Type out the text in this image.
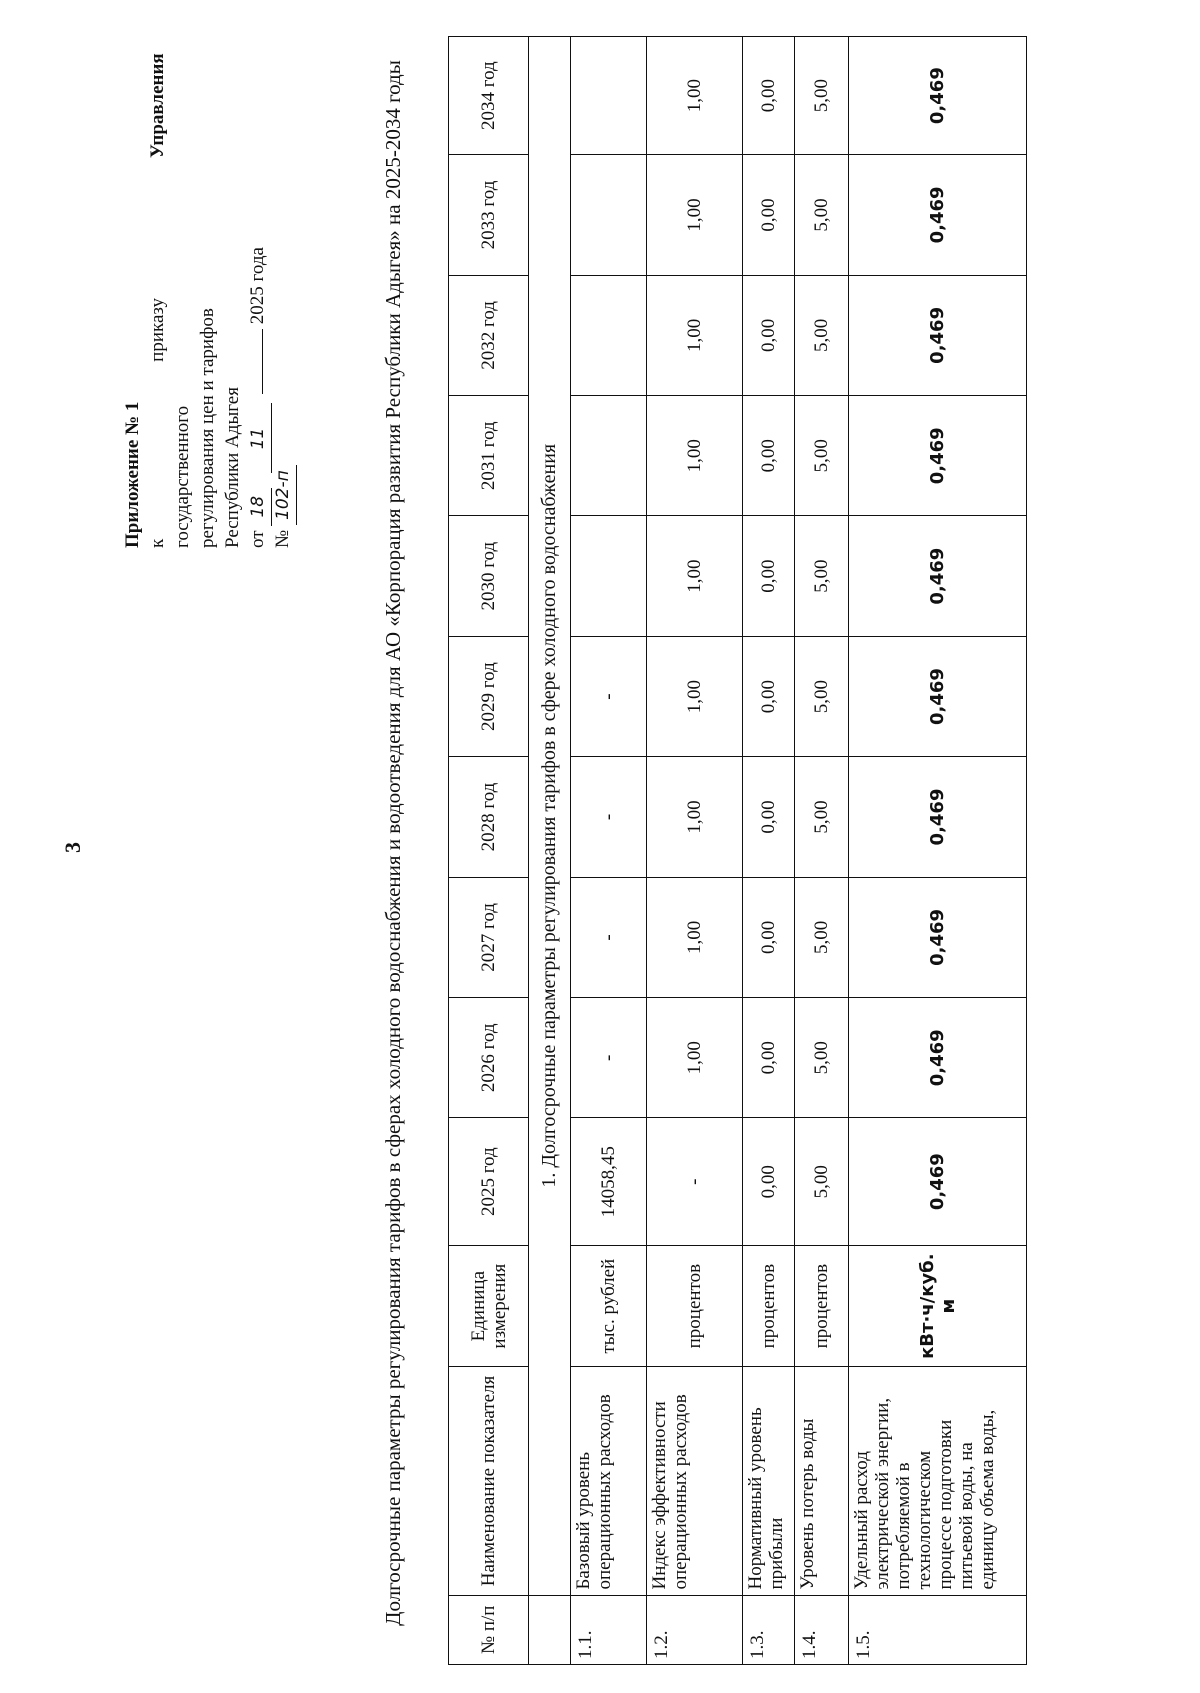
3
Приложение № 1 к
приказу
Управления
государственного регулирования цен и тарифов Республики Адыгея от 18   11   2025 года
№ 102-п	Долгосрочные параметры регулирования тарифов в сферах холодного водоснабжения и водоотведения для АО «Корпорация развития Республики Адыгея» на 2025-2034 годы
№ п/п	Наименование показателя	Единица измерения	2025 год	2026 год	2027 год	2028 год	2029 год	2030 год	2031 год	2032 год	2033 год	2034 год
	1. Долгосрочные параметры регулирования тарифов в сфере холодного водоснабжения											
1.1.	Базовый уровень операционных расходов	тыс. рублей	14058,45	-	-	-	-					
1.2.	Индекс эффективности операционных расходов	процентов	-	1,00	1,00	1,00	1,00	1,00	1,00	1,00	1,00	1,00
1.3.	Нормативный уровень прибыли	процентов	0,00	0,00	0,00	0,00	0,00	0,00	0,00	0,00	0,00	0,00
1.4.	Уровень потерь воды	процентов	5,00	5,00	5,00	5,00	5,00	5,00	5,00	5,00	5,00	5,00
1.5.	Удельный расход электрической энергии, потребляемой в технологическом процессе подготовки питьевой воды, на единицу объема воды,	кВт·ч/куб. м	0,469	0,469	0,469	0,469	0,469	0,469	0,469	0,469	0,469	0,469
